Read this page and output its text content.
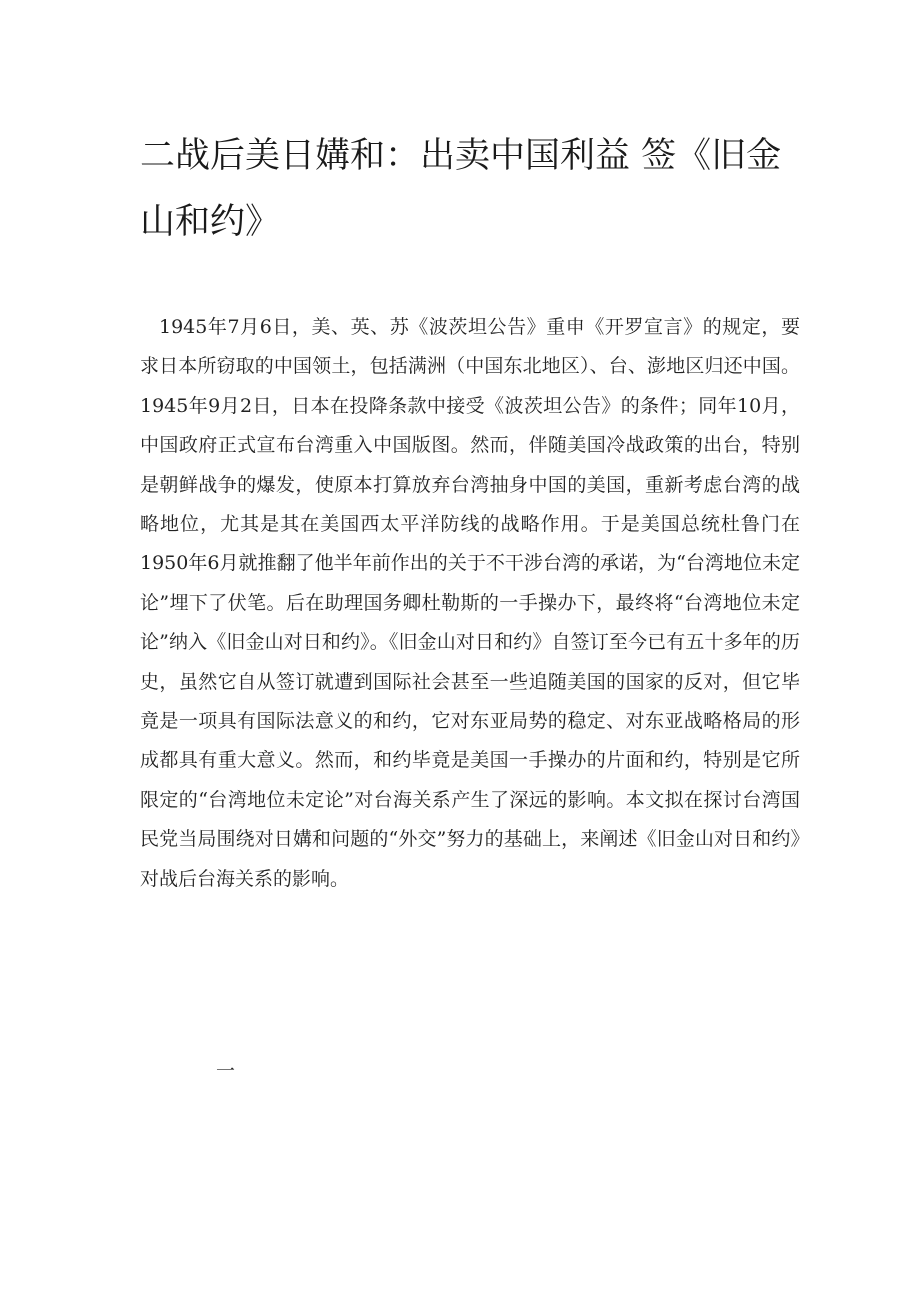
二战后美日媾和：出卖中国利益 签《旧金山和约》

1945年7月6日，美、英、苏《波茨坦公告》重申《开罗宣言》的规定，要求日本所窃取的中国领土，包括满洲（中国东北地区）、台、澎地区归还中国。1945年9月2日，日本在投降条款中接受《波茨坦公告》的条件；同年10月，中国政府正式宣布台湾重入中国版图。然而，伴随美国冷战政策的出台，特别是朝鲜战争的爆发，使原本打算放弃台湾抽身中国的美国，重新考虑台湾的战略地位，尤其是其在美国西太平洋防线的战略作用。于是美国总统杜鲁门在1950年6月就推翻了他半年前作出的关于不干涉台湾的承诺，为“台湾地位未定论”埋下了伏笔。后在助理国务卿杜勒斯的一手操办下，最终将“台湾地位未定论”纳入《旧金山对日和约》。《旧金山对日和约》自签订至今已有五十多年的历史，虽然它自从签订就遭到国际社会甚至一些追随美国的国家的反对，但它毕竟是一项具有国际法意义的和约，它对东亚局势的稳定、对东亚战略格局的形成都具有重大意义。然而，和约毕竟是美国一手操办的片面和约，特别是它所限定的“台湾地位未定论”对台海关系产生了深远的影响。本文拟在探讨台湾国民党当局围绕对日媾和问题的“外交”努力的基础上，来阐述《旧金山对日和约》对战后台海关系的影响。

一
